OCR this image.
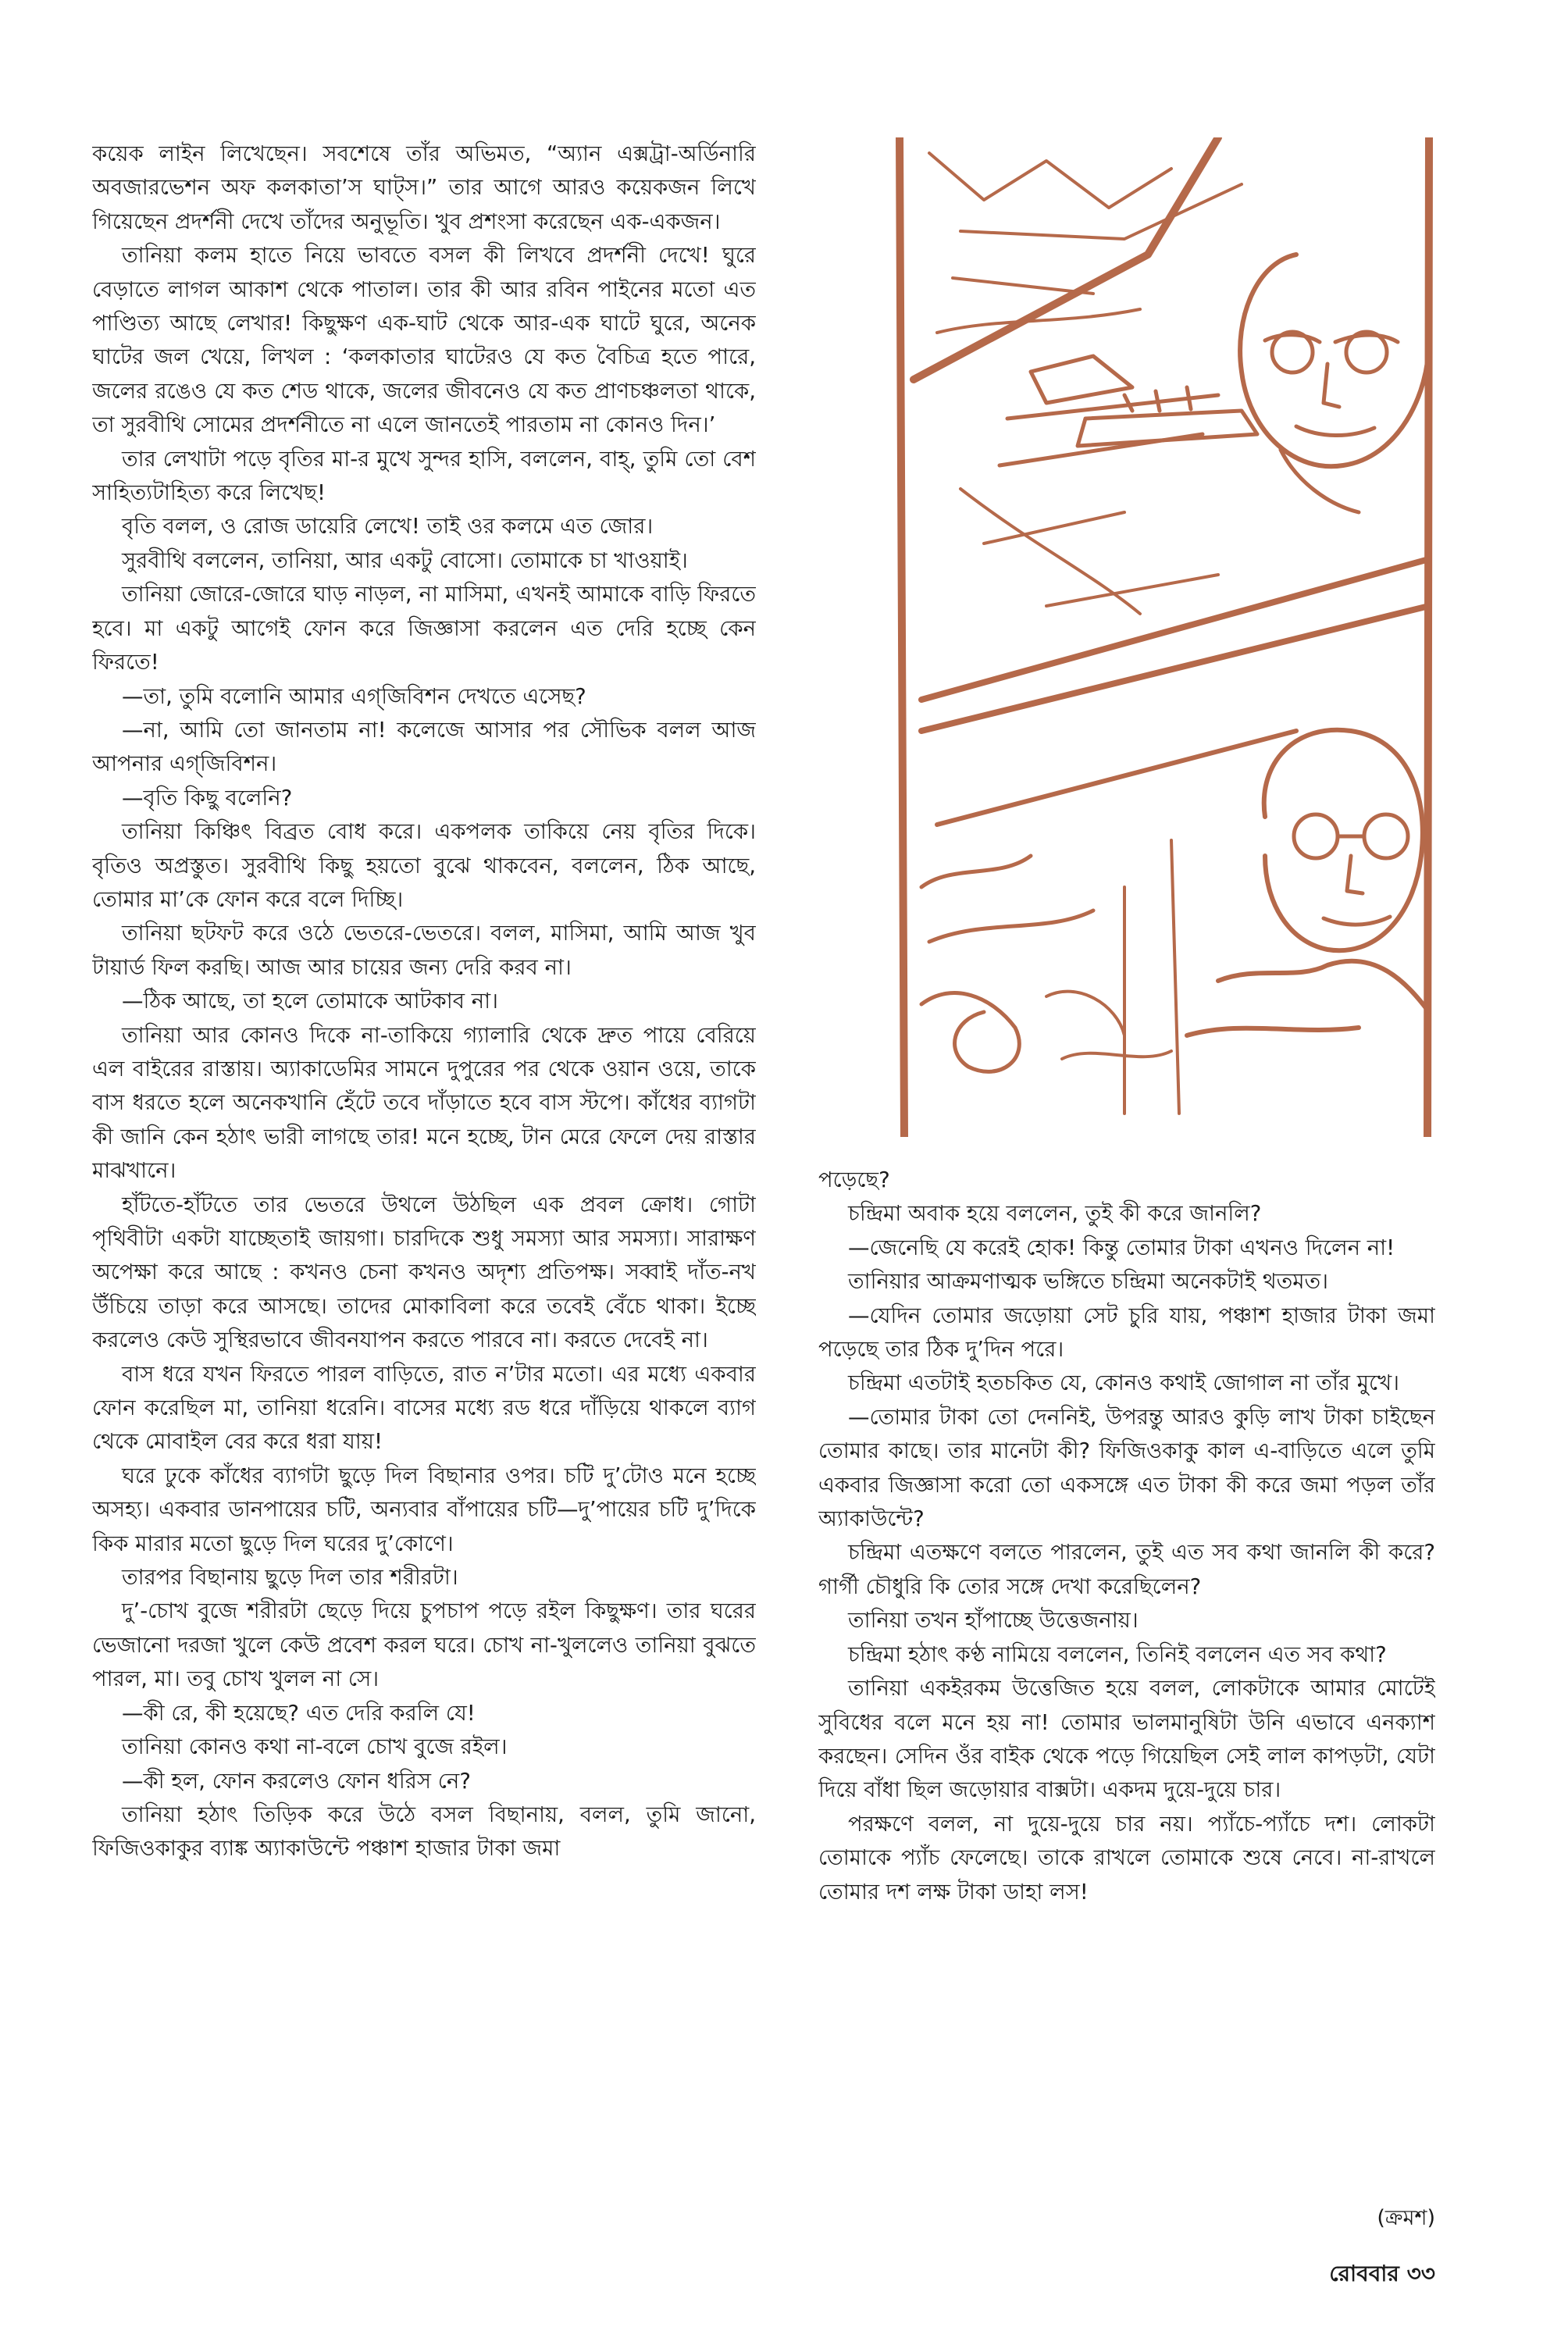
কয়েক লাইন লিখেছেন। সবশেষে তাঁর অভিমত, “অ্যান এক্সট্রা-অর্ডিনারি অবজারভেশন অফ কলকাতা’স ঘাট্‌স।” তার আগে আরও কয়েকজন লিখে গিয়েছেন প্রদর্শনী দেখে তাঁদের অনুভূতি। খুব প্রশংসা করেছেন এক-একজন।

তানিয়া কলম হাতে নিয়ে ভাবতে বসল কী লিখবে প্রদর্শনী দেখে! ঘুরে বেড়াতে লাগল আকাশ থেকে পাতাল। তার কী আর রবিন পাইনের মতো এত পাণ্ডিত্য আছে লেখার! কিছুক্ষণ এক-ঘাট থেকে আর-এক ঘাটে ঘুরে, অনেক ঘাটের জল খেয়ে, লিখল : ‘কলকাতার ঘাটেরও যে কত বৈচিত্র হতে পারে, জলের রঙেও যে কত শেড থাকে, জলের জীবনেও যে কত প্রাণচঞ্চলতা থাকে, তা সুরবীথি সোমের প্রদর্শনীতে না এলে জানতেই পারতাম না কোনও দিন।’

তার লেখাটা পড়ে বৃতির মা-র মুখে সুন্দর হাসি, বললেন, বাহ্, তুমি তো বেশ সাহিত্যটাহিত্য করে লিখেছ!

বৃতি বলল, ও রোজ ডায়েরি লেখে! তাই ওর কলমে এত জোর।

সুরবীথি বললেন, তানিয়া, আর একটু বোসো। তোমাকে চা খাওয়াই।

তানিয়া জোরে-জোরে ঘাড় নাড়ল, না মাসিমা, এখনই আমাকে বাড়ি ফিরতে হবে। মা একটু আগেই ফোন করে জিজ্ঞাসা করলেন এত দেরি হচ্ছে কেন ফিরতে!

—তা, তুমি বলোনি আমার এগ্‌জিবিশন দেখতে এসেছ?

—না, আমি তো জানতাম না! কলেজে আসার পর সৌভিক বলল আজ আপনার এগ্‌জিবিশন।

—বৃতি কিছু বলেনি?

তানিয়া কিঞ্চিৎ বিব্রত বোধ করে। একপলক তাকিয়ে নেয় বৃতির দিকে। বৃতিও অপ্রস্তুত। সুরবীথি কিছু হয়তো বুঝে থাকবেন, বললেন, ঠিক আছে, তোমার মা’কে ফোন করে বলে দিচ্ছি।

তানিয়া ছটফট করে ওঠে ভেতরে-ভেতরে। বলল, মাসিমা, আমি আজ খুব টায়ার্ড ফিল করছি। আজ আর চায়ের জন্য দেরি করব না।

—ঠিক আছে, তা হলে তোমাকে আটকাব না।

তানিয়া আর কোনও দিকে না-তাকিয়ে গ্যালারি থেকে দ্রুত পায়ে বেরিয়ে এল বাইরের রাস্তায়। অ্যাকাডেমির সামনে দুপুরের পর থেকে ওয়ান ওয়ে, তাকে বাস ধরতে হলে অনেকখানি হেঁটে তবে দাঁড়াতে হবে বাস স্টপে। কাঁধের ব্যাগটা কী জানি কেন হঠাৎ ভারী লাগছে তার! মনে হচ্ছে, টান মেরে ফেলে দেয় রাস্তার মাঝখানে।

হাঁটতে-হাঁটতে তার ভেতরে উথলে উঠছিল এক প্রবল ক্রোধ। গোটা পৃথিবীটা একটা যাচ্ছেতাই জায়গা। চারদিকে শুধু সমস্যা আর সমস্যা। সারাক্ষণ অপেক্ষা করে আছে : কখনও চেনা কখনও অদৃশ্য প্রতিপক্ষ। সব্বাই দাঁত-নখ উঁচিয়ে তাড়া করে আসছে। তাদের মোকাবিলা করে তবেই বেঁচে থাকা। ইচ্ছে করলেও কেউ সুস্থিরভাবে জীবনযাপন করতে পারবে না। করতে দেবেই না।

বাস ধরে যখন ফিরতে পারল বাড়িতে, রাত ন’টার মতো। এর মধ্যে একবার ফোন করেছিল মা, তানিয়া ধরেনি। বাসের মধ্যে রড ধরে দাঁড়িয়ে থাকলে ব্যাগ থেকে মোবাইল বের করে ধরা যায়!

ঘরে ঢুকে কাঁধের ব্যাগটা ছুড়ে দিল বিছানার ওপর। চটি দু’টোও মনে হচ্ছে অসহ্য। একবার ডানপায়ের চটি, অন্যবার বাঁপায়ের চটি—দু’পায়ের চটি দু’দিকে কিক মারার মতো ছুড়ে দিল ঘরের দু’কোণে।

তারপর বিছানায় ছুড়ে দিল তার শরীরটা।

দু’-চোখ বুজে শরীরটা ছেড়ে দিয়ে চুপচাপ পড়ে রইল কিছুক্ষণ। তার ঘরের ভেজানো দরজা খুলে কেউ প্রবেশ করল ঘরে। চোখ না-খুললেও তানিয়া বুঝতে পারল, মা। তবু চোখ খুলল না সে।

—কী রে, কী হয়েছে? এত দেরি করলি যে!

তানিয়া কোনও কথা না-বলে চোখ বুজে রইল।

—কী হল, ফোন করলেও ফোন ধরিস নে?

তানিয়া হঠাৎ তিড়িক করে উঠে বসল বিছানায়, বলল, তুমি জানো, ফিজিওকাকুর ব্যাঙ্ক অ্যাকাউন্টে পঞ্চাশ হাজার টাকা জমা

পড়েছে?

চন্দ্রিমা অবাক হয়ে বললেন, তুই কী করে জানলি?

—জেনেছি যে করেই হোক! কিন্তু তোমার টাকা এখনও দিলেন না!

তানিয়ার আক্রমণাত্মক ভঙ্গিতে চন্দ্রিমা অনেকটাই থতমত।

—যেদিন তোমার জড়োয়া সেট চুরি যায়, পঞ্চাশ হাজার টাকা জমা পড়েছে তার ঠিক দু’দিন পরে।

চন্দ্রিমা এতটাই হতচকিত যে, কোনও কথাই জোগাল না তাঁর মুখে।

—তোমার টাকা তো দেননিই, উপরন্তু আরও কুড়ি লাখ টাকা চাইছেন তোমার কাছে। তার মানেটা কী? ফিজিওকাকু কাল এ-বাড়িতে এলে তুমি একবার জিজ্ঞাসা করো তো একসঙ্গে এত টাকা কী করে জমা পড়ল তাঁর অ্যাকাউন্টে?

চন্দ্রিমা এতক্ষণে বলতে পারলেন, তুই এত সব কথা জানলি কী করে? গার্গী চৌধুরি কি তোর সঙ্গে দেখা করেছিলেন?

তানিয়া তখন হাঁপাচ্ছে উত্তেজনায়।

চন্দ্রিমা হঠাৎ কণ্ঠ নামিয়ে বললেন, তিনিই বললেন এত সব কথা?

তানিয়া একইরকম উত্তেজিত হয়ে বলল, লোকটাকে আমার মোটেই সুবিধের বলে মনে হয় না! তোমার ভালমানুষিটা উনি এভাবে এনক্যাশ করছেন। সেদিন ওঁর বাইক থেকে পড়ে গিয়েছিল সেই লাল কাপড়টা, যেটা দিয়ে বাঁধা ছিল জড়োয়ার বাক্সটা। একদম দুয়ে-দুয়ে চার।

পরক্ষণে বলল, না দুয়ে-দুয়ে চার নয়। প্যাঁচে-প্যাঁচে দশ। লোকটা তোমাকে প্যাঁচ ফেলেছে। তাকে রাখলে তোমাকে শুষে নেবে। না-রাখলে তোমার দশ লক্ষ টাকা ডাহা লস!

(ক্রমশ)
রোববার ৩৩
